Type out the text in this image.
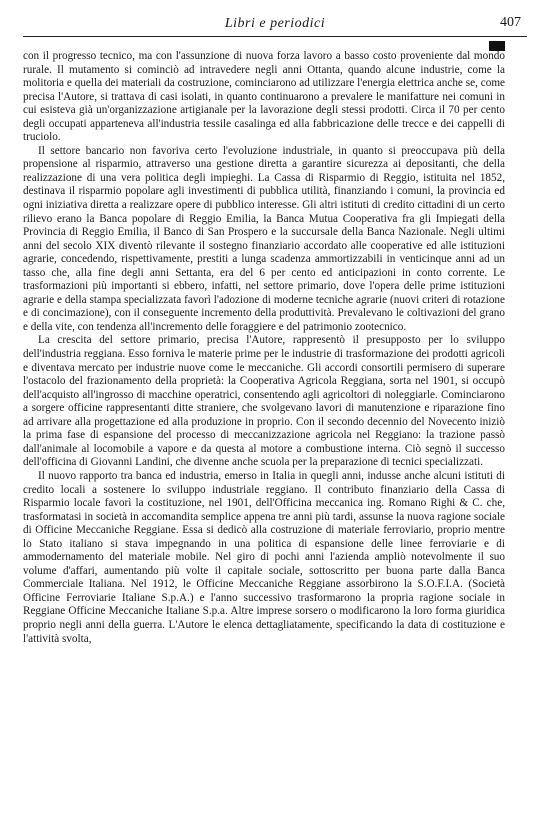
Libri e periodici	407

con il progresso tecnico, ma con l'assunzione di nuova forza lavoro a basso costo proveniente dal mondo rurale. Il mutamento si cominciò ad intravedere negli anni Ottanta, quando alcune industrie, come la molitoria e quella dei materiali da costruzione, cominciarono ad utilizzare l'energia elettrica anche se, come precisa l'Autore, si trattava di casi isolati, in quanto continuarono a prevalere le manifatture nei comuni in cui esisteva già un'organizzazione artigianale per la lavorazione degli stessi prodotti. Circa il 70 per cento degli occupati apparteneva all'industria tessile casalinga ed alla fabbricazione delle trecce e dei cappelli di truciolo.

Il settore bancario non favoriva certo l'evoluzione industriale, in quanto si preoccupava più della propensione al risparmio, attraverso una gestione diretta a garantire sicurezza ai depositanti, che della realizzazione di una vera politica degli impieghi. La Cassa di Risparmio di Reggio, istituita nel 1852, destinava il risparmio popolare agli investimenti di pubblica utilità, finanziando i comuni, la provincia ed ogni iniziativa diretta a realizzare opere di pubblico interesse. Gli altri istituti di credito cittadini di un certo rilievo erano la Banca popolare di Reggio Emilia, la Banca Mutua Cooperativa fra gli Impiegati della Provincia di Reggio Emilia, il Banco di San Prospero e la succursale della Banca Nazionale. Negli ultimi anni del secolo XIX diventò rilevante il sostegno finanziario accordato alle cooperative ed alle istituzioni agrarie, concedendo, rispettivamente, prestiti a lunga scadenza ammortizzabili in venticinque anni ad un tasso che, alla fine degli anni Settanta, era del 6 per cento ed anticipazioni in conto corrente. Le trasformazioni più importanti si ebbero, infatti, nel settore primario, dove l'opera delle prime istituzioni agrarie e della stampa specializzata favorì l'adozione di moderne tecniche agrarie (nuovi criteri di rotazione e di concimazione), con il conseguente incremento della produttività. Prevalevano le coltivazioni del grano e della vite, con tendenza all'incremento delle foraggiere e del patrimonio zootecnico.

La crescita del settore primario, precisa l'Autore, rappresentò il presupposto per lo sviluppo dell'industria reggiana. Esso forniva le materie prime per le industrie di trasformazione dei prodotti agricoli e diventava mercato per industrie nuove come le meccaniche. Gli accordi consortili permisero di superare l'ostacolo del frazionamento della proprietà: la Cooperativa Agricola Reggiana, sorta nel 1901, si occupò dell'acquisto all'ingrosso di macchine operatrici, consentendo agli agricoltori di noleggiarle. Cominciarono a sorgere officine rappresentanti ditte straniere, che svolgevano lavori di manutenzione e riparazione fino ad arrivare alla progettazione ed alla produzione in proprio. Con il secondo decennio del Novecento iniziò la prima fase di espansione del processo di meccanizzazione agricola nel Reggiano: la trazione passò dall'animale al locomobile a vapore e da questa al motore a combustione interna. Ciò segnò il successo dell'officina di Giovanni Landini, che divenne anche scuola per la preparazione di tecnici specializzati.

Il nuovo rapporto tra banca ed industria, emerso in Italia in quegli anni, indusse anche alcuni istituti di credito locali a sostenere lo sviluppo industriale reggiano. Il contributo finanziario della Cassa di Risparmio locale favorì la costituzione, nel 1901, dell'Officina meccanica ing. Romano Righi & C. che, trasformatasi in società in accomandita semplice appena tre anni più tardi, assunse la nuova ragione sociale di Officine Meccaniche Reggiane. Essa si dedicò alla costruzione di materiale ferroviario, proprio mentre lo Stato italiano si stava impegnando in una politica di espansione delle linee ferroviarie e di ammodernamento del materiale mobile. Nel giro di pochi anni l'azienda ampliò notevolmente il suo volume d'affari, aumentando più volte il capitale sociale, sottoscritto per buona parte dalla Banca Commerciale Italiana. Nel 1912, le Officine Meccaniche Reggiane assorbirono la S.O.F.I.A. (Società Officine Ferroviarie Italiane S.p.A.) e l'anno successivo trasformarono la propria ragione sociale in Reggiane Officine Meccaniche Italiane S.p.a. Altre imprese sorsero o modificarono la loro forma giuridica proprio negli anni della guerra. L'Autore le elenca dettagliatamente, specificando la data di costituzione e l'attività svolta,
